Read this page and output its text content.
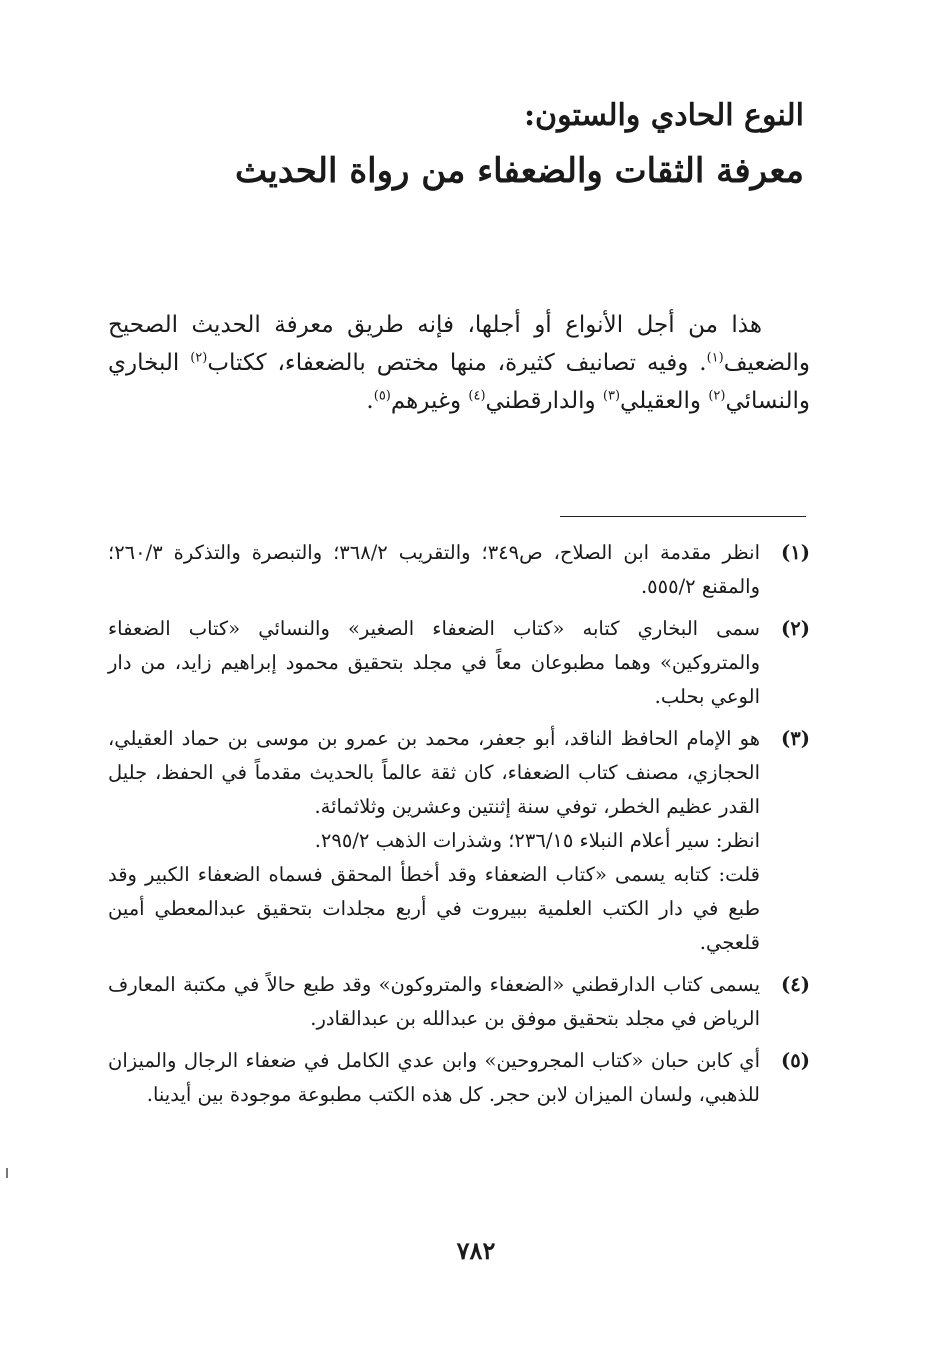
النوع الحادي والستون:
معرفة الثقات والضعفاء من رواة الحديث

هذا من أجل الأنواع أو أجلها، فإنه طريق معرفة الحديث الصحيح والضعيف$^{(١)}$. وفيه تصانيف كثيرة، منها مختص بالضعفاء، ككتاب$^{(٢)}$ البخاري والنسائي$^{(٢)}$ والعقيلي$^{(٣)}$ والدارقطني$^{(٤)}$ وغيرهم$^{(٥)}$.

(١)
انظر مقدمة ابن الصلاح، ص٣٤٩؛ والتقريب ٣٦٨/٢؛ والتبصرة والتذكرة ٢٦٠/٣؛ والمقنع ٥٥٥/٢.
(٢)
سمى البخاري كتابه «كتاب الضعفاء الصغير» والنسائي «كتاب الضعفاء والمتروكين» وهما مطبوعان معاً في مجلد بتحقيق محمود إبراهيم زايد، من دار الوعي بحلب.
(٣)
هو الإمام الحافظ الناقد، أبو جعفر، محمد بن عمرو بن موسى بن حماد العقيلي، الحجازي، مصنف كتاب الضعفاء، كان ثقة عالماً بالحديث مقدماً في الحفظ، جليل القدر عظيم الخطر، توفي سنة إثنتين وعشرين وثلاثمائة.
انظر: سير أعلام النبلاء ٢٣٦/١٥؛ وشذرات الذهب ٢٩٥/٢.
قلت: كتابه يسمى «كتاب الضعفاء وقد أخطأ المحقق فسماه الضعفاء الكبير وقد طبع في دار الكتب العلمية ببيروت في أربع مجلدات بتحقيق عبدالمعطي أمين قلعجي.
(٤)
يسمى كتاب الدارقطني «الضعفاء والمتروكون» وقد طبع حالاً في مكتبة المعارف الرياض في مجلد بتحقيق موفق بن عبدالله بن عبدالقادر.
(٥)
أي كابن حبان «كتاب المجروحين» وابن عدي الكامل في ضعفاء الرجال والميزان للذهبي، ولسان الميزان لابن حجر. كل هذه الكتب مطبوعة موجودة بين أيدينا.
٧٨٢
